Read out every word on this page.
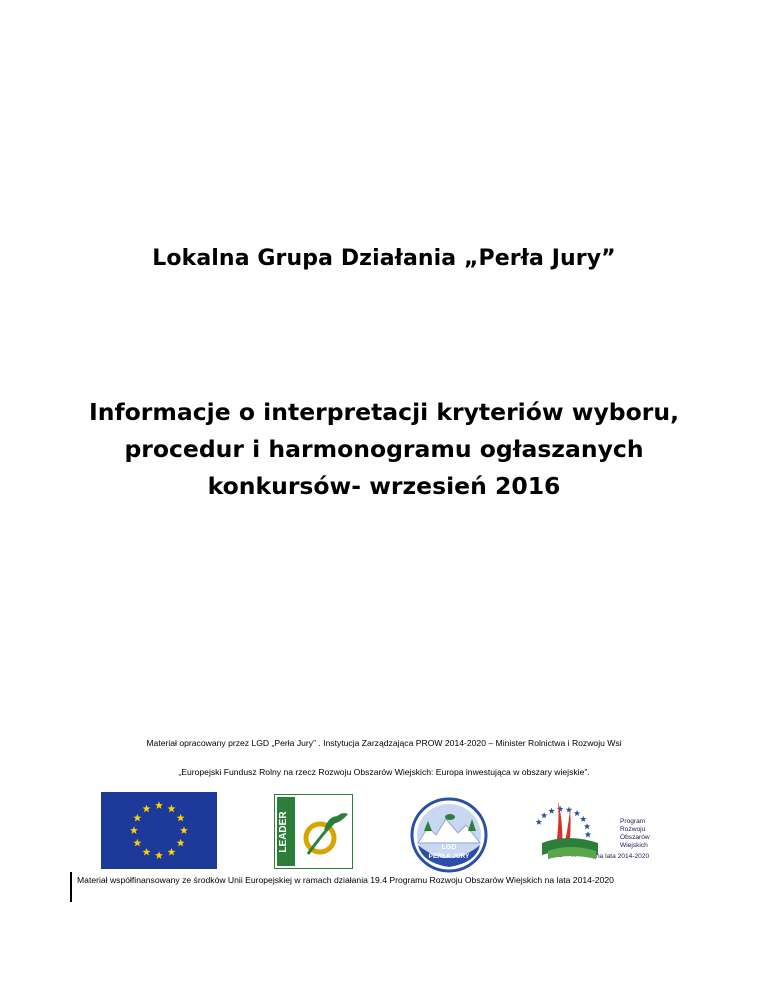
Lokalna Grupa Działania „Perła Jury”
Informacje o interpretacji kryteriów wyboru,
procedur i harmonogramu ogłaszanych
konkursów- wrzesień 2016
Materiał opracowany przez LGD „Perła Jury” . Instytucja Zarządzająca PROW 2014-2020 – Minister Rolnictwa i Rozwoju Wsi
„Europejski Fundusz Rolny na rzecz Rozwoju Obszarów Wiejskich: Europa inwestująca w obszary wiejskie”.
LEADER	LGD
PERŁA JURY
Program
Rozwoju
Obszarów
Wiejskich
na lata 2014-2020
Materiał współfinansowany ze środków Unii Europejskiej w ramach działania 19.4 Programu Rozwoju Obszarów Wiejskich na lata 2014-2020
